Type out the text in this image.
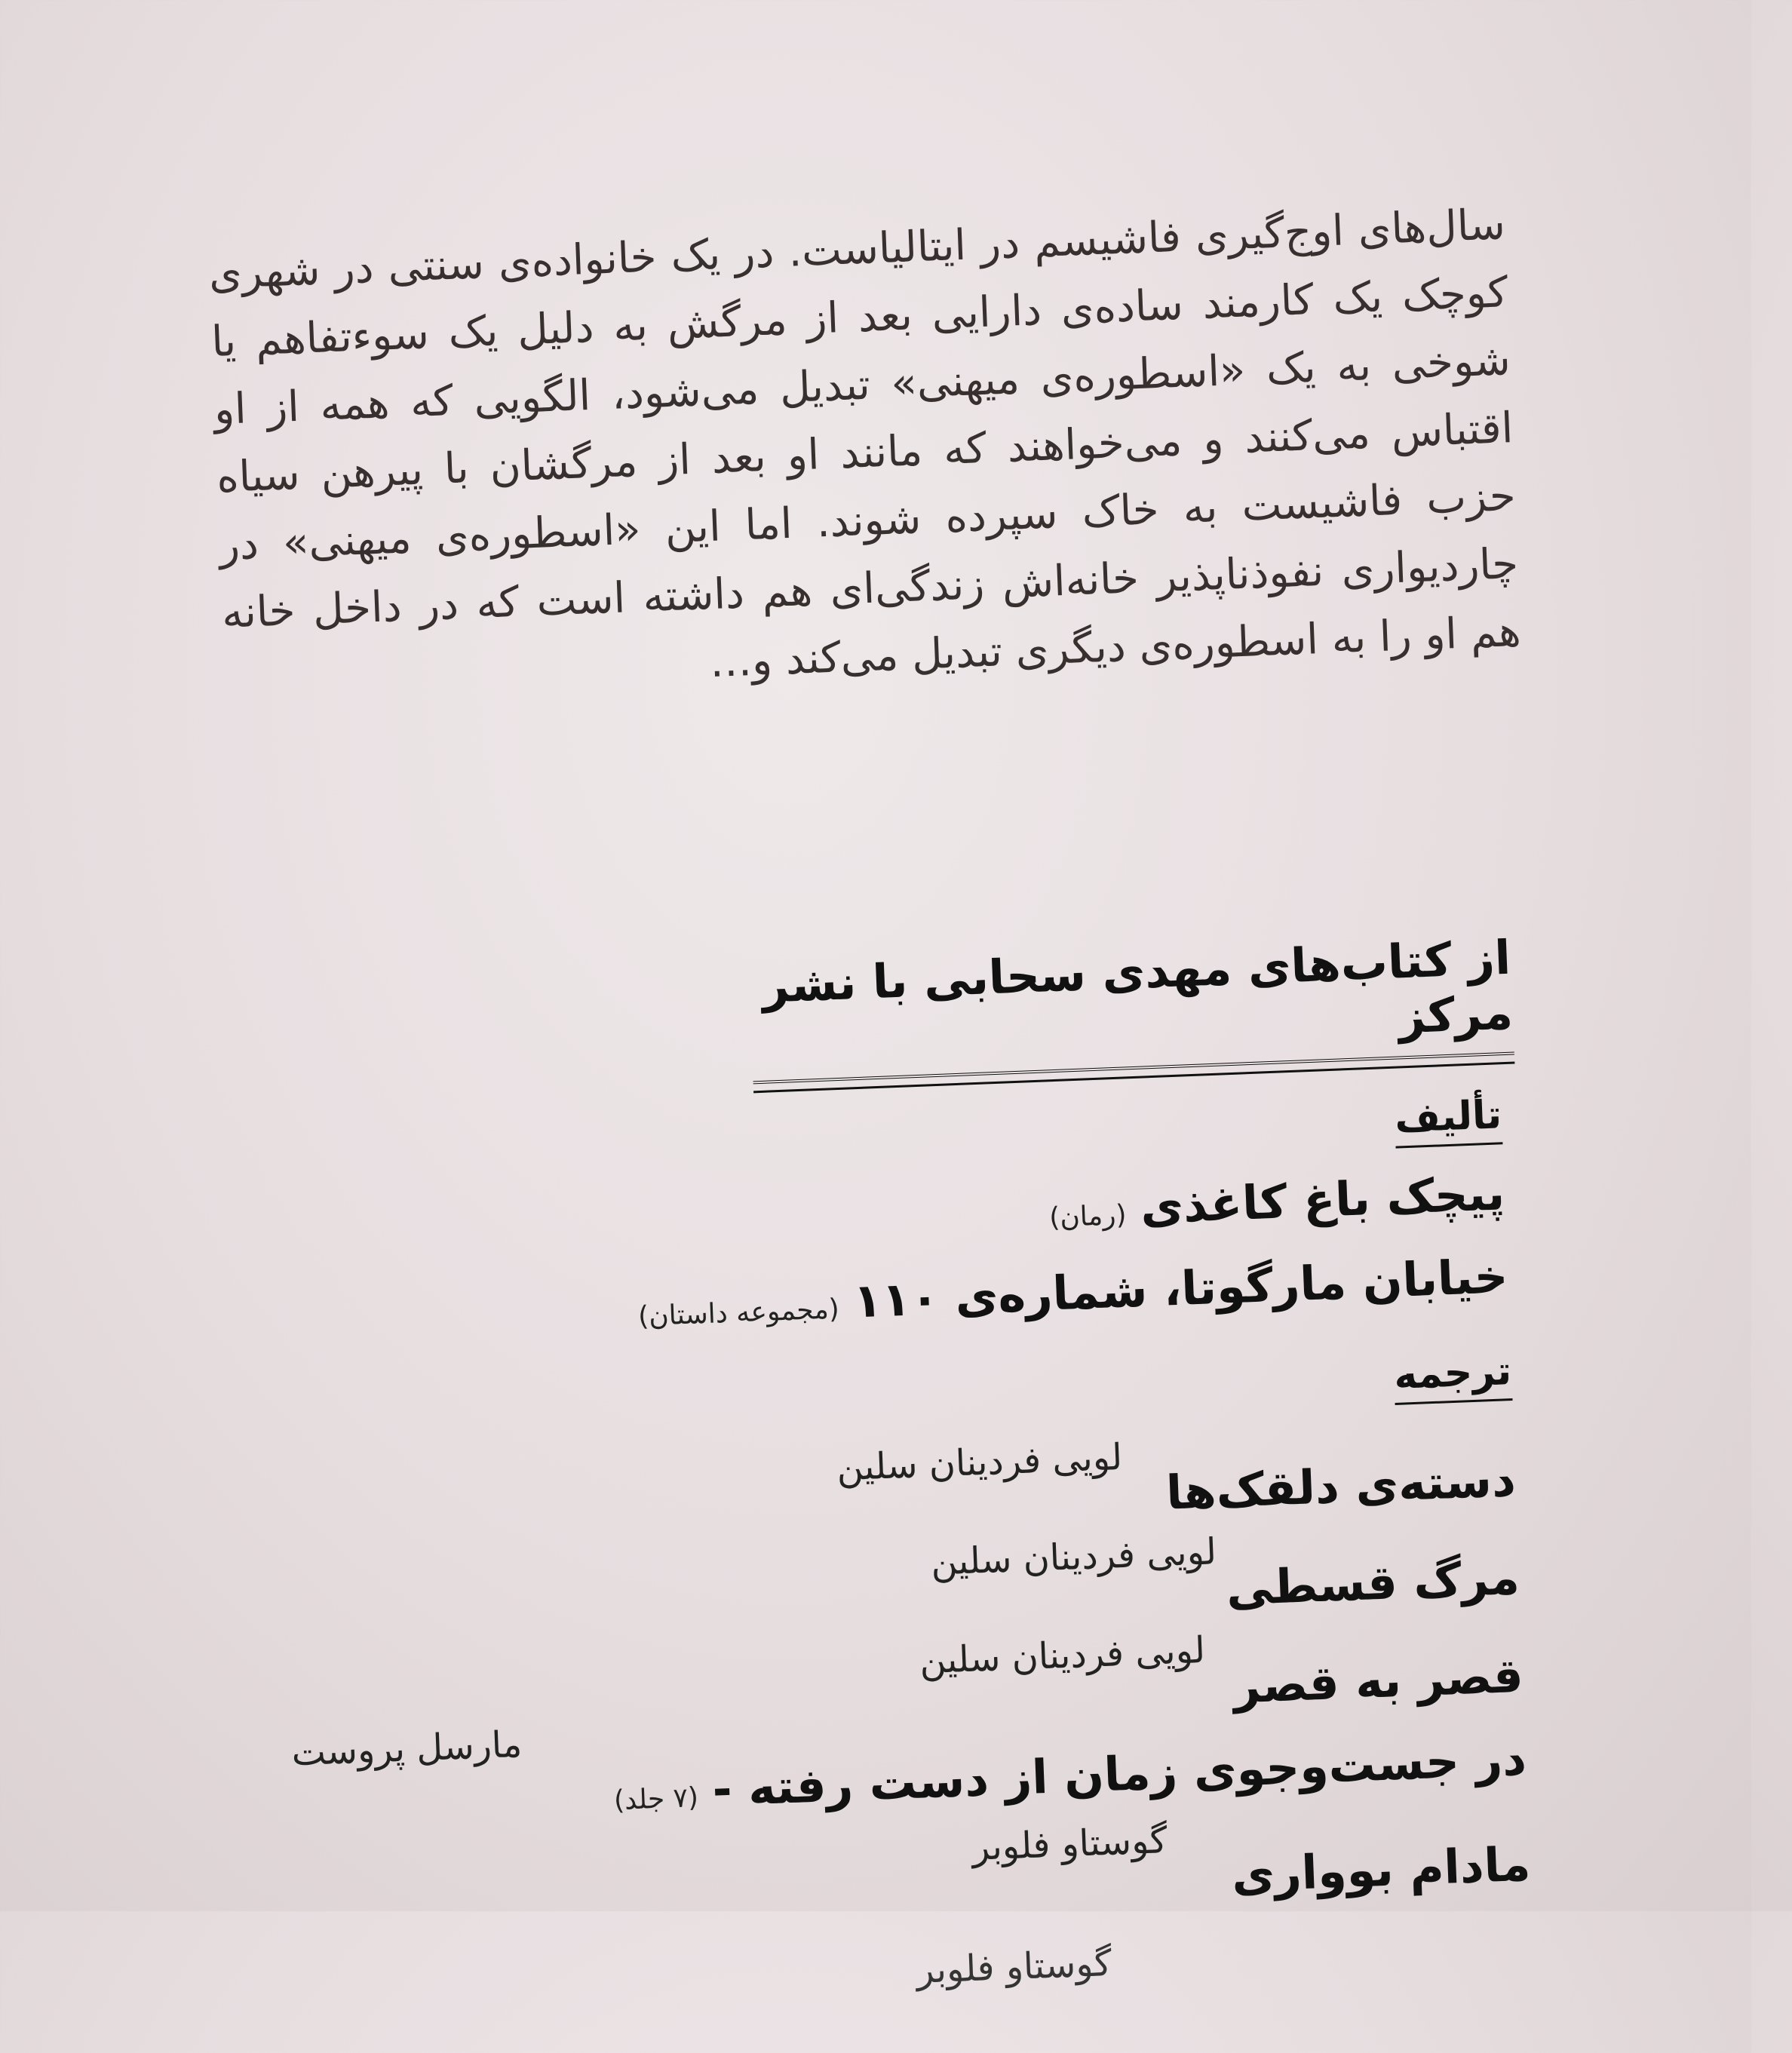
سال‌های اوج‌گیری فاشیسم در ایتالیاست. در یک خانواده‌ی سنتی در شهری کوچک یک کارمند ساده‌ی دارایی بعد از مرگش به دلیل یک سوءتفاهم یا شوخی به یک «اسطوره‌ی میهنی» تبدیل می‌شود، الگویی که همه از او اقتباس می‌کنند و می‌خواهند که مانند او بعد از مرگشان با پیرهن سیاه حزب فاشیست به خاک سپرده شوند. اما این «اسطوره‌ی میهنی» در چاردیواری نفوذناپذیر خانه‌اش زندگی‌ای هم داشته است که در داخل خانه هم او را به اسطوره‌ی دیگری تبدیل می‌کند و…

از کتاب‌های مهدی سحابی با نشر مرکز
تألیف
پیچک باغ کاغذی (رمان)
خیابان مارگوتا، شماره‌ی ۱۱۰ (مجموعه داستان)
ترجمه
دسته‌ی دلقک‌ها
لویی فردینان سلین
مرگ قسطی
لویی فردینان سلین
قصر به قصر
لویی فردینان سلین
در جست‌وجوی زمان از دست رفته - (۷ جلد)
مارسل پروست
مادام بوواری
گوستاو فلوبر
گوستاو فلوبر
